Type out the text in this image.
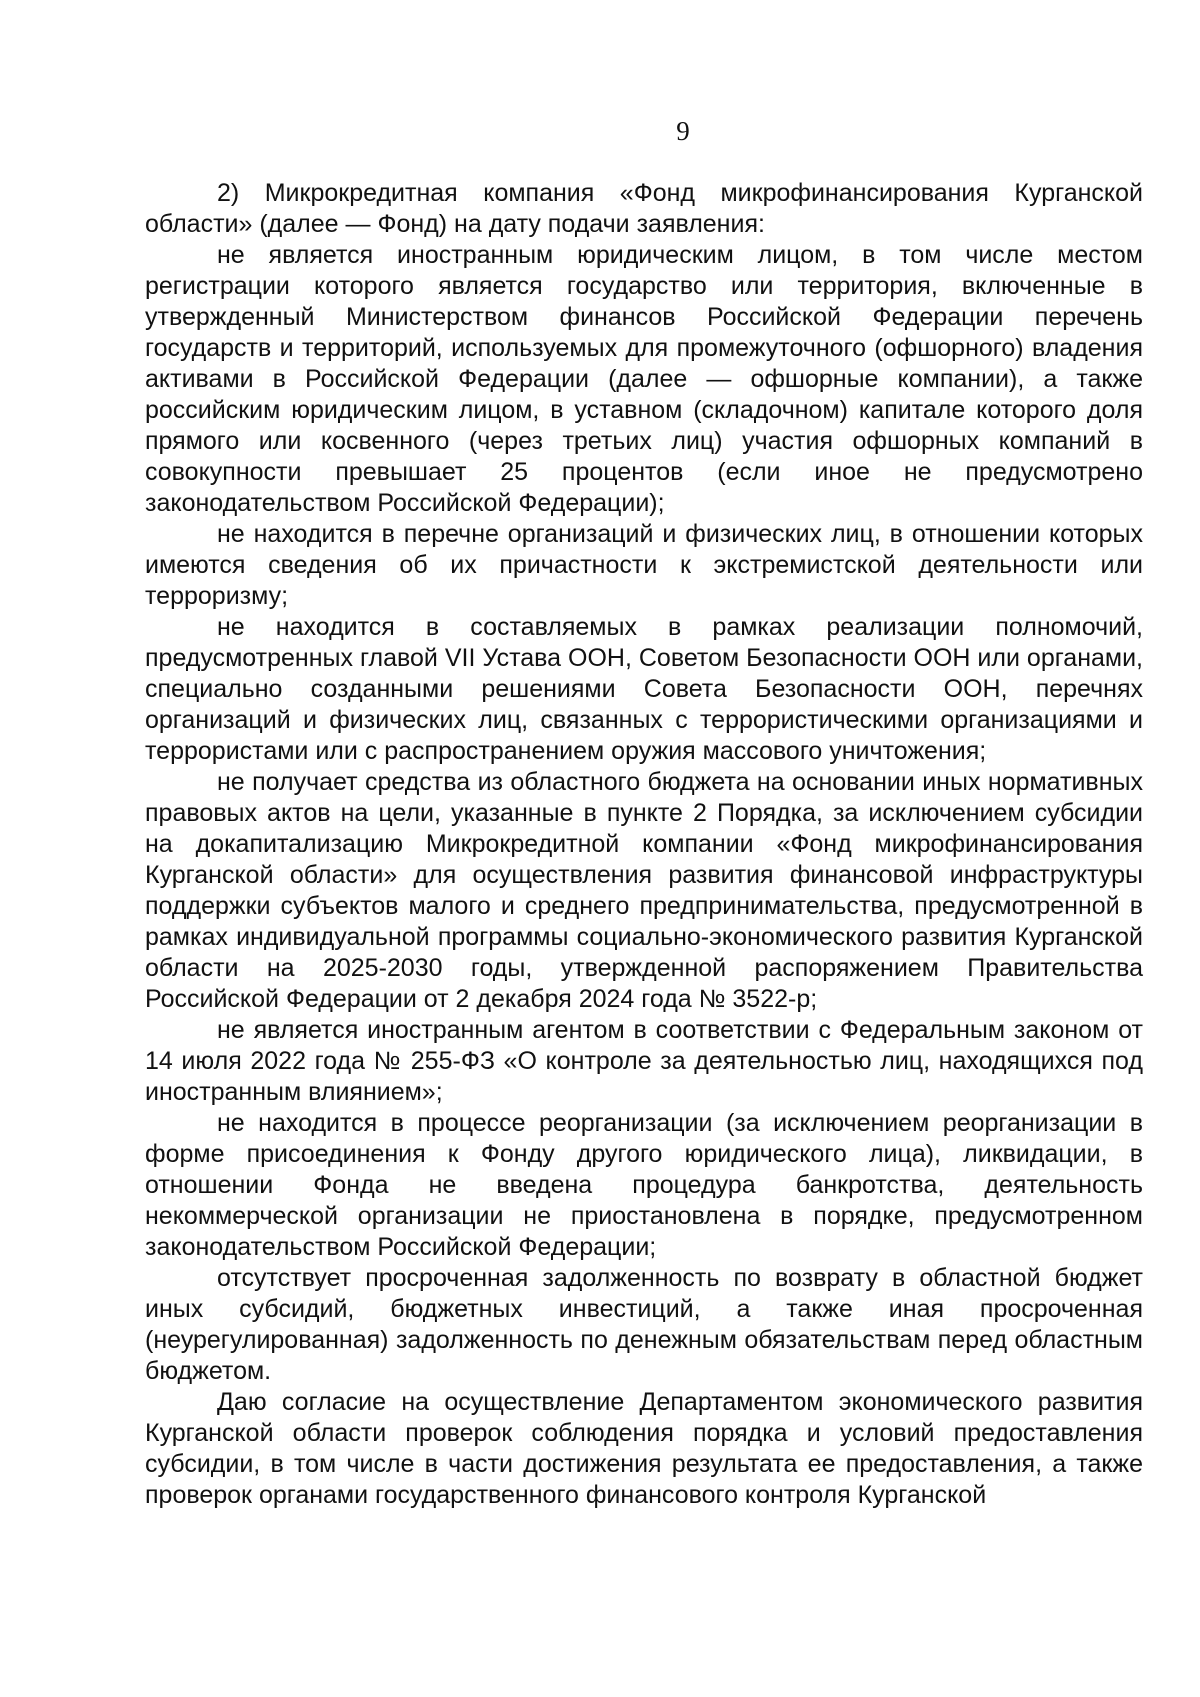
9

2) Микрокредитная компания «Фонд микрофинансирования Курганской области» (далее — Фонд) на дату подачи заявления:

не является иностранным юридическим лицом, в том числе местом регистрации которого является государство или территория, включенные в утвержденный Министерством финансов Российской Федерации перечень государств и территорий, используемых для промежуточного (офшорного) владения активами в Российской Федерации (далее — офшорные компании), а также российским юридическим лицом, в уставном (складочном) капитале которого доля прямого или косвенного (через третьих лиц) участия офшорных компаний в совокупности превышает 25 процентов (если иное не предусмотрено законодательством Российской Федерации);

не находится в перечне организаций и физических лиц, в отношении которых имеются сведения об их причастности к экстремистской деятельности или терроризму;

не находится в составляемых в рамках реализации полномочий, предусмотренных главой VII Устава ООН, Советом Безопасности ООН или органами, специально созданными решениями Совета Безопасности ООН, перечнях организаций и физических лиц, связанных с террористическими организациями и террористами или с распространением оружия массового уничтожения;

не получает средства из областного бюджета на основании иных нормативных правовых актов на цели, указанные в пункте 2 Порядка, за исключением субсидии на докапитализацию Микрокредитной компании «Фонд микрофинансирования Курганской области» для осуществления развития финансовой инфраструктуры поддержки субъектов малого и среднего предпринимательства, предусмотренной в рамках индивидуальной программы социально-экономического развития Курганской области на 2025-2030 годы, утвержденной распоряжением Правительства Российской Федерации от 2 декабря 2024 года № 3522-р;

не является иностранным агентом в соответствии с Федеральным законом от 14 июля 2022 года № 255-ФЗ «О контроле за деятельностью лиц, находящихся под иностранным влиянием»;

не находится в процессе реорганизации (за исключением реорганизации в форме присоединения к Фонду другого юридического лица), ликвидации, в отношении Фонда не введена процедура банкротства, деятельность некоммерческой организации не приостановлена в порядке, предусмотренном законодательством Российской Федерации;

отсутствует просроченная задолженность по возврату в областной бюджет иных субсидий, бюджетных инвестиций, а также иная просроченная (неурегулированная) задолженность по денежным обязательствам перед областным бюджетом.

Даю согласие на осуществление Департаментом экономического развития Курганской области проверок соблюдения порядка и условий предоставления субсидии, в том числе в части достижения результата ее предоставления, а также проверок органами государственного финансового контроля Курганской
